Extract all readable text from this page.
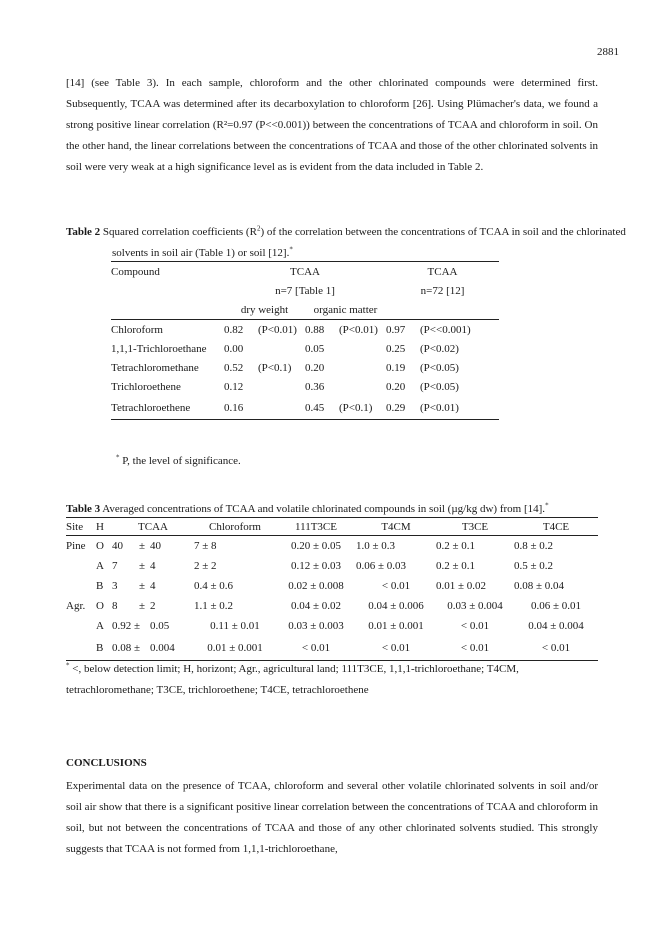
2881

[14] (see Table 3). In each sample, chloroform and the other chlorinated compounds were determined first. Subsequently, TCAA was determined after its decarboxylation to chloroform [26]. Using Plümacher's data, we found a strong positive linear correlation (R²=0.97 (P<<0.001)) between the concentrations of TCAA and chloroform in soil. On the other hand, the linear correlations between the concentrations of TCAA and those of the other chlorinated solvents in soil were very weak at a high significance level as is evident from the data included in Table 2.

Table 2 Squared correlation coefficients $(R^2)$ of the correlation between the concentrations of TCAA in soil and the chlorinated solvents in soil air (Table 1) or soil [12].*

Compound	TCAA				TCAA	
	n=7 [Table 1]				n=72 [12]	
	dry weight		organic matter			
Chloroform	0.82	(P<0.01)	0.88	(P<0.01)	0.97	(P<<0.001)
1,1,1-Trichloroethane	0.00		0.05		0.25	(P<0.02)
Tetrachloromethane	0.52	(P<0.1)	0.20		0.19	(P<0.05)
Trichloroethene	0.12		0.36		0.20	(P<0.05)
Tetrachloroethene	0.16		0.45	(P<0.1)	0.29	(P<0.01)

* P, the level of significance.

Table 3 Averaged concentrations of TCAA and volatile chlorinated compounds in soil (µg/kg dw) from [14].*

Site	H	TCAA			Chloroform	111T3CE	T4CM	T3CE	T4CE
Pine	O	40	±	40	7 ± 8	0.20 ± 0.05	1.0 ± 0.3	0.2 ± 0.1	0.8 ± 0.2
	A	7	±	4	2 ± 2	0.12 ± 0.03	0.06 ± 0.03	0.2 ± 0.1	0.5 ± 0.2
	B	3	±	4	0.4 ± 0.6	0.02 ± 0.008	< 0.01	0.01 ± 0.02	0.08 ± 0.04
Agr.	O	8	±	2	1.1 ± 0.2	0.04 ± 0.02	0.04 ± 0.006	0.03 ± 0.004	0.06 ± 0.01
	A	0.92 ±		0.05	0.11 ± 0.01	0.03 ± 0.003	0.01 ± 0.001	< 0.01	0.04 ± 0.004
	B	0.08 ±		0.004	0.01 ± 0.001	< 0.01	< 0.01	< 0.01	< 0.01

* <, below detection limit; H, horizont; Agr., agricultural land; 111T3CE, 1,1,1-trichloroethane; T4CM, tetrachloromethane; T3CE, trichloroethene; T4CE, tetrachloroethene

CONCLUSIONS

Experimental data on the presence of TCAA, chloroform and several other volatile chlorinated solvents in soil and/or soil air show that there is a significant positive linear correlation between the concentrations of TCAA and chloroform in soil, but not between the concentrations of TCAA and those of any other chlorinated solvents studied. This strongly suggests that TCAA is not formed from 1,1,1-trichloroethane,
